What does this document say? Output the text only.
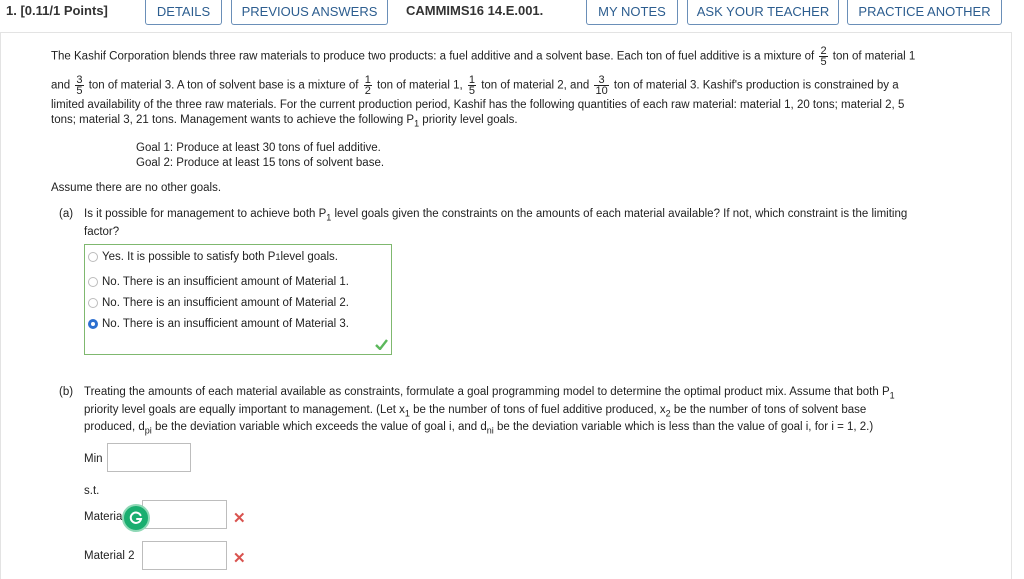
1. [0.11/1 Points]	DETAILS	PREVIOUS ANSWERS	CAMMIMS16 14.E.001.	MY NOTES	ASK YOUR TEACHER	PRACTICE ANOTHER
The Kashif Corporation blends three raw materials to produce two products: a fuel additive and a solvent base. Each ton of fuel additive is a mixture of $\frac{2}{5}$ ton of material 1
and $\frac{3}{5}$ ton of material 3. A ton of solvent base is a mixture of $\frac{1}{2}$ ton of material 1, $\frac{1}{5}$ ton of material 2, and $\frac{3}{10}$ ton of material 3. Kashif's production is constrained by a
limited availability of the three raw materials. For the current production period, Kashif has the following quantities of each raw material: material 1, 20 tons; material 2, 5
tons; material 3, 21 tons. Management wants to achieve the following $P_1$ priority level goals.
Goal 1: Produce at least 30 tons of fuel additive.
Goal 2: Produce at least 15 tons of solvent base.
Assume there are no other goals.
(a) Is it possible for management to achieve both $P_1$ level goals given the constraints on the amounts of each material available? If not, which constraint is the limiting
factor?
Yes. It is possible to satisfy both P 1 level goals.
No. There is an insufficient amount of Material 1.
No. There is an insufficient amount of Material 2.
No. There is an insufficient amount of Material 3.
(b) Treating the amounts of each material available as constraints, formulate a goal programming model to determine the optimal product mix. Assume that both $P_1$
priority level goals are equally important to management. (Let $x_1$ be the number of tons of fuel additive produced, $x_2$ be the number of tons of solvent base
produced, $d_{pi}$ be the deviation variable which exceeds the value of goal i, and $d_{ni}$ be the deviation variable which is less than the value of goal i, for i = 1, 2.)
Min
s.t.
Materia	✕
Material 2	✕
